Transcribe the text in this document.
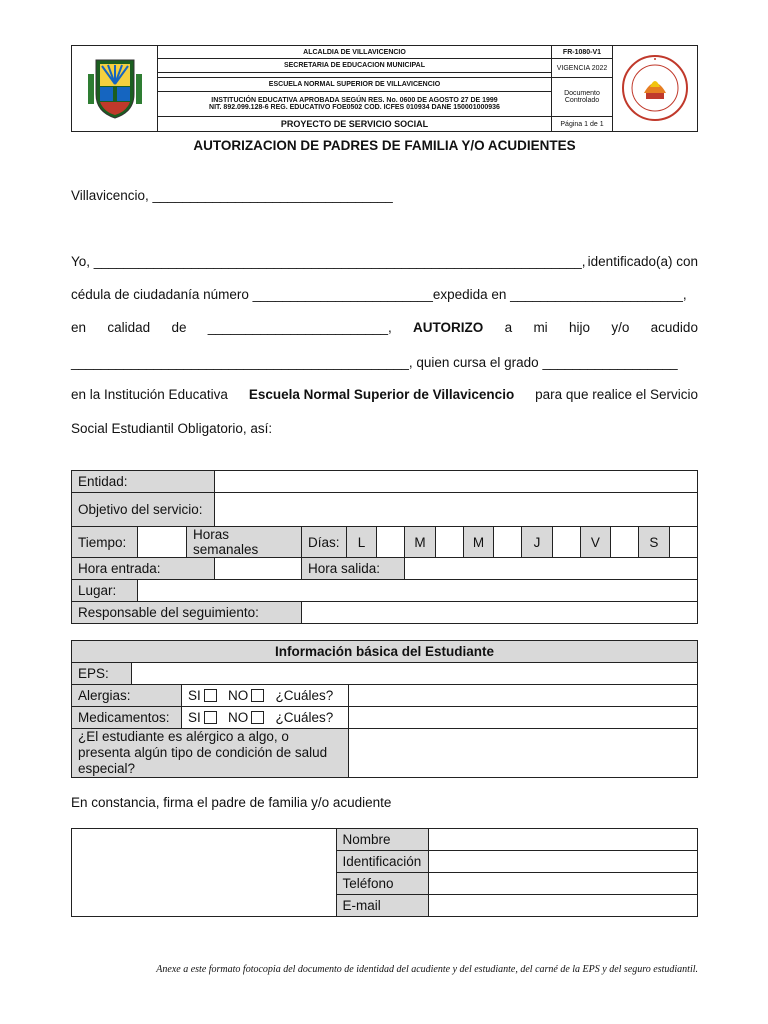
	ALCALDIA DE VILLAVICENCIO	FR-1080-V1	
	SECRETARIA DE EDUCACION MUNICIPAL	VIGENCIA 2022	

	ESCUELA NORMAL SUPERIOR DE VILLAVICENCIO	Documento Controlado	

	INSTITUCIÓN EDUCATIVA APROBADA SEGÚN RES. No. 0600 DE AGOSTO 27 DE 1999
NIT. 892.099.128-6 REG. EDUCATIVO FOE0502 COD. ICFES 010934 DANE 150001000936		

	PROYECTO DE SERVICIO SOCIAL	Página 1 de 1	
AUTORIZACION DE PADRES DE FAMILIA Y/O ACUDIENTES
Villavicencio, ________________________________
Yo, _________________________________________________________________, identificado(a) con
cédula de ciudadanía número ________________________expedida en _______________________,
en calidad de ________________________, AUTORIZO a mi hijo y/o acudido
_____________________________________________, quien cursa el grado __________________
en la Institución Educativa Escuela Normal Superior de Villavicencio para que realice el Servicio
Social Estudiantil Obligatorio, así:
Entidad:																
Objetivo del servicio:																
Tiempo:		Horas semanales		Días:	L		M		M		J		V		S	
Hora entrada:				Hora salida:												
Lugar:																
Responsable del seguimiento:																
Información básica del Estudiante			
EPS:			
Alergias:		SI NO ¿Cuáles?	
Medicamentos:		SI NO ¿Cuáles?	
¿El estudiante es alérgico a algo, o presenta algún tipo de condición de salud especial?			
En constancia, firma el padre de familia y/o acudiente
	Nombre	
	Identificación	
	Teléfono	
	E-mail	
Anexe a este formato fotocopia del documento de identidad del acudiente y del estudiante, del carné de la EPS y del seguro estudiantil.
